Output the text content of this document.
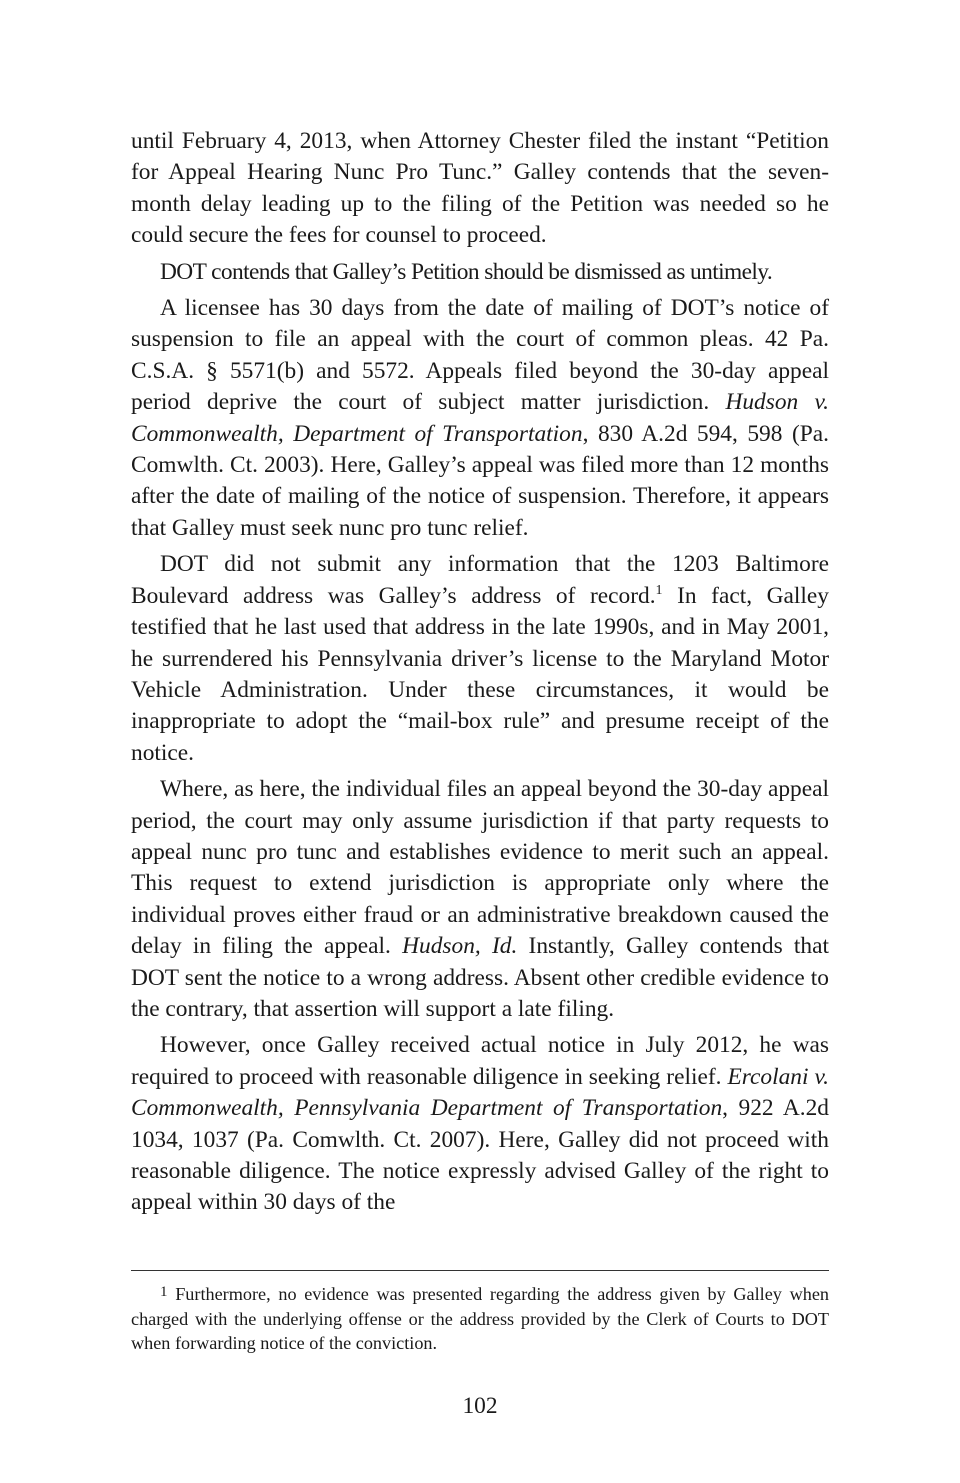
until February 4, 2013, when Attorney Chester filed the instant “Petition for Appeal Hearing Nunc Pro Tunc.” Galley contends that the seven-month delay leading up to the filing of the Petition was needed so he could secure the fees for counsel to proceed.

DOT contends that Galley’s Petition should be dismissed as untimely.

A licensee has 30 days from the date of mailing of DOT’s notice of suspension to file an appeal with the court of common pleas. 42 Pa. C.S.A. § 5571(b) and 5572. Appeals filed beyond the 30-day appeal period deprive the court of subject matter jurisdiction. Hudson v. Commonwealth, Department of Transportation, 830 A.2d 594, 598 (Pa. Comwlth. Ct. 2003). Here, Galley’s appeal was filed more than 12 months after the date of mailing of the notice of suspension. Therefore, it appears that Galley must seek nunc pro tunc relief.

DOT did not submit any information that the 1203 Baltimore Boulevard address was Galley’s address of record.$^1$ In fact, Galley testified that he last used that address in the late 1990s, and in May 2001, he surrendered his Pennsylvania driver’s license to the Maryland Motor Vehicle Administration. Under these circumstances, it would be inappropriate to adopt the “mail-box rule” and presume receipt of the notice.

Where, as here, the individual files an appeal beyond the 30-day appeal period, the court may only assume jurisdiction if that party requests to appeal nunc pro tunc and establishes evidence to merit such an appeal. This request to extend jurisdiction is appropriate only where the individual proves either fraud or an administrative breakdown caused the delay in filing the appeal. Hudson, Id. Instantly, Galley contends that DOT sent the notice to a wrong address. Absent other credible evidence to the contrary, that assertion will support a late filing.

However, once Galley received actual notice in July 2012, he was required to proceed with reasonable diligence in seeking relief. Ercolani v. Commonwealth, Pennsylvania Department of Transportation, 922 A.2d 1034, 1037 (Pa. Comwlth. Ct. 2007). Here, Galley did not proceed with reasonable diligence. The notice expressly advised Galley of the right to appeal within 30 days of the

$^1$ Furthermore, no evidence was presented regarding the address given by Galley when charged with the underlying offense or the address provided by the Clerk of Courts to DOT when forwarding notice of the conviction.

102
